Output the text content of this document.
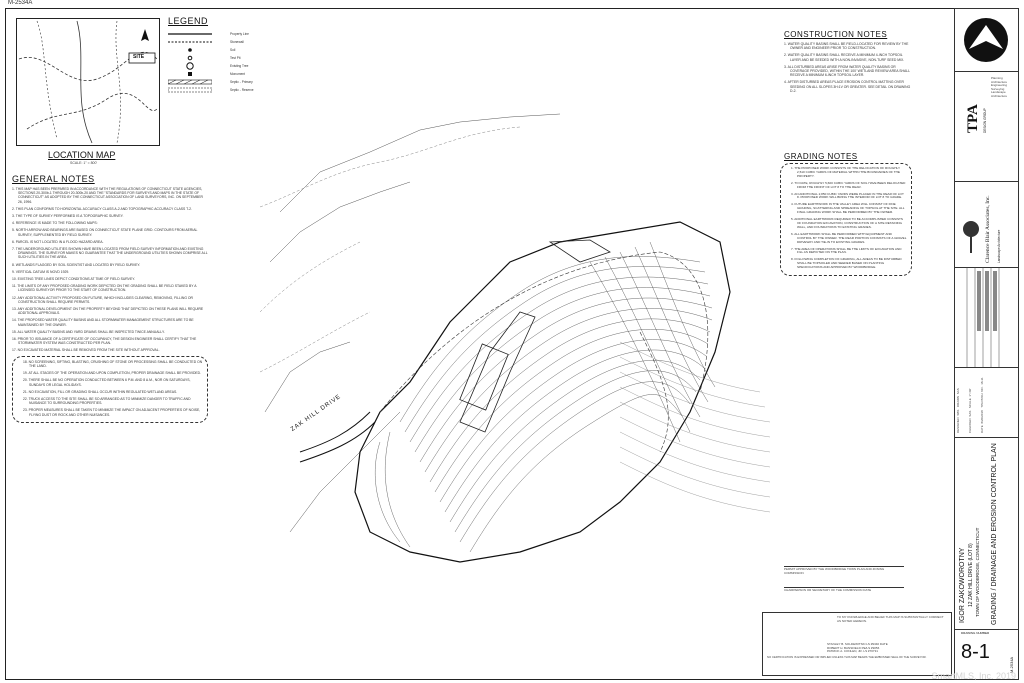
M-2534A
SITE
LOCATION MAP
SCALE: 1" = 800'
LEGEND
Property Line
Stonewall
Soil
Test Pit
Existing Tree
Monument
Septic - Primary
Septic - Reserve
GENERAL NOTES

1. THIS MAP HAS BEEN PREPARED IN ACCORDANCE WITH THE REGULATIONS OF CONNECTICUT STATE AGENCIES, SECTIONS 20-300b-1 THROUGH 20-300b-20 AND THE "STANDARDS FOR SURVEYS AND MAPS IN THE STATE OF CONNECTICUT" AS ADOPTED BY THE CONNECTICUT ASSOCIATION OF LAND SURVEYORS, INC. ON SEPTEMBER 26, 1996.

2. THIS PLAN CONFORMS TO HORIZONTAL ACCURACY CLASS A-2 AND TOPOGRAPHIC ACCURACY CLASS T-2.

3. THE TYPE OF SURVEY PERFORMED IS A TOPOGRAPHIC SURVEY.

4. REFERENCE IS MADE TO THE FOLLOWING MAPS:

5. NORTH ARROW AND BEARINGS ARE BASED ON CONNECTICUT STATE PLANE GRID. CONTOURS FROM AERIAL SURVEY, SUPPLEMENTED BY FIELD SURVEY.

6. PARCEL IS NOT LOCATED IN A FLOOD HAZARD AREA.

7. THE UNDERGROUND UTILITIES SHOWN HAVE BEEN LOCATED FROM FIELD SURVEY INFORMATION AND EXISTING DRAWINGS. THE SURVEYOR MAKES NO GUARANTEE THAT THE UNDERGROUND UTILITIES SHOWN COMPRISE ALL SUCH UTILITIES IN THE AREA.

8. WETLANDS FLAGGED BY SOIL SCIENTIST AND LOCATED BY FIELD SURVEY.

9. VERTICAL DATUM IS NGVD 1929.

10. EXISTING TREE LINES DEPICT CONDITIONS AT TIME OF FIELD SURVEY.

11. THE LIMITS OF ANY PROPOSED GRADING WORK DEPICTED ON THE GRADING SHALL BE FIELD STAKED BY A LICENSED SURVEYOR PRIOR TO THE START OF CONSTRUCTION.

12. ANY ADDITIONAL ACTIVITY PROPOSED ON FUTURE, WHICH INCLUDES CLEARING, REMOVING, FILLING OR CONSTRUCTION SHALL REQUIRE PERMITS.

13. ANY ADDITIONAL DEVELOPMENT ON THE PROPERTY BEYOND THAT DEPICTED ON THESE PLANS WILL REQUIRE ADDITIONAL APPROVALS.

14. THE PROPOSED WATER QUALITY BASINS AND ALL STORMWATER MANAGEMENT STRUCTURES ARE TO BE MAINTAINED BY THE OWNER.

15. ALL WATER QUALITY BASINS AND YARD DRAINS SHALL BE INSPECTED TWICE ANNUALLY.

16. PRIOR TO ISSUANCE OF A CERTIFICATE OF OCCUPANCY, THE DESIGN ENGINEER SHALL CERTIFY THAT THE STORMWATER SYSTEM WAS CONSTRUCTED PER PLAN.

17. NO EXCAVATED MATERIAL SHALL BE REMOVED FROM THE SITE WITHOUT APPROVAL.

18. NO SCREENING, SIFTING, BLASTING, CRUSHING OF STONE OR PROCESSING SHALL BE CONDUCTED ON THE LAND.

19. AT ALL STAGES OF THE OPERATION AND UPON COMPLETION, PROPER DRAINAGE SHALL BE PROVIDED.

20. THERE SHALL BE NO OPERATION CONDUCTED BETWEEN 6 P.M. AND 8 A.M., NOR ON SATURDAYS, SUNDAYS OR LEGAL HOLIDAYS.

21. NO EXCAVATION, FILL OR GRADING SHALL OCCUR WITHIN REGULATED WETLAND AREAS.

22. TRUCK ACCESS TO THE SITE SHALL BE SO ARRANGED AS TO MINIMIZE DANGER TO TRAFFIC AND NUISANCE TO SURROUNDING PROPERTIES.

23. PROPER MEASURES SHALL BE TAKEN TO MINIMIZE THE IMPACT ON ADJACENT PROPERTIES OF NOISE, FLYING DUST OR ROCK AND OTHER NUISANCES.	ZAK HILL DRIVE
CONSTRUCTION NOTES

1. WATER QUALITY BASINS SHALL BE FIELD-LOCATED FOR REVIEW BY THE OWNER AND ENGINEER PRIOR TO CONSTRUCTION.

2. WATER QUALITY BASINS SHALL RECEIVE A MINIMUM 4-INCH TOPSOIL LAYER AND BE SEEDED WITH A NON-INVASIVE, NON-TURF SEED MIX.

3. ALL DISTURBED AREAS ARISE FROM WATER QUALITY BASINS OR COVERAGE PROVIDED, WITHIN THE 100' WETLAND REVIEW AREA SHALL RECEIVE A MINIMUM 6-INCH TOPSOIL LAYER.

4. AFTER DISTURBED AREAS PLACE EROSION CONTROL MATTING OVER SEEDING ON ALL SLOPES 3H:1V OR GREATER. SEE DETAIL ON DRAWING D-2.

GRADING NOTES

1. THE PROPOSED WORK CONSISTS OF THE RELOCATION OF ROUGHLY 2,510 CUBIC YARDS OF MATERIAL WITHIN THE BOUNDARIES OF THE PROPERTY.

2. TO DATE, ROUGHLY 5,600 CUBIC YARDS OF SOIL HAVE BEEN RELOCATED FROM THE FRONT OF LOT 8 TO THE REAR.

3. AN ADDITIONAL 2,850 CUBIC YARDS WERE PLACED IN THE REAR OF LOT 8. PROPOSED WORK WILL BRING THE INTERIOR OF LOT 8 TO GRADE.

4. FUTURE EARTHWORK IN THE VALLEY AREA WILL CONSIST OF FINE GRADING, SCATTERING AND SPREADING OF TOPSOIL AT THE SITE. ALL FINAL GRADING WORK SHALL BE PERFORMED BY THE OWNER.

5. ADDITIONAL EARTHWORK REQUIRED TO BE ACCOMPLISHED CONSISTS OF FOUNDATION EXCAVATION, CONSTRUCTION OF A SITE RETAINING WALL, AND FOUNDATIONS TO EXISTING GRADES.

6. ALL EARTHWORK SHALL BE PERFORMED WITH EQUIPMENT AND CONTROL BY THE OWNER. THE REAR PORTION CONSISTS OF A GRAVEL DRIVEWAY AND TIE-IN TO EXISTING GRADES.

7. THE AREA OF OPERATIONS SHALL BE THE LIMITS OF EXCAVATION AND FILL AS DEPICTED ON THE PLAN.

8. FOLLOWING COMPLETION OF GRADING, ALL AREAS TO BE DISTURBED SHALL BE TOPSOILED AND SEEDED BASED ON PLANTING SPECIFICATIONS AND APPROVED BY WOODBRIDGE.

PERMIT APPROVED BY THE WOODBRIDGE TOWN PLAN AND ZONING COMMISSION
CHAIRPERSON OR SECRETARY OF THE COMMISSION DATE
TO MY KNOWLEDGE AND BELIEF THIS MAP IS SUBSTANTIALLY CORRECT AS NOTED HEREON.
STANLEY B. SOLDEWITSKI LS #9340 DATE
ROBERT H. BANSFIELD PE/LS #9056
PATRICK A. CONLEN, JR. LS #70731
NO CERTIFICATION IS EXPRESSED OR IMPLIED UNLESS THIS MAP BEARS THE EMBOSSED SEAL OF THE SURVEYOR.
TPA DESIGN GROUP
Planning
Architecture
Engineering
Surveying
Landscape
Architecture
Clarence Blair Associates, Inc. Landscape Architecture
DESIGNED  SBS   DRAWN  SAS
CHECKED  SAS   SCALE  1"=40'
DATE  8/20/2018   TPA PROJ. NO.  18-11
IGOR ZAKOWOROTNY 12 ZAK HILL DRIVE (LOT 8) TOWN OF WOODBRIDGE, CONNECTICUT GRADING / DRAINAGE AND EROSION CONTROL PLAN
DRAWING NUMBER
8-1
M-2534A
SmartMLS, Inc. 2019
